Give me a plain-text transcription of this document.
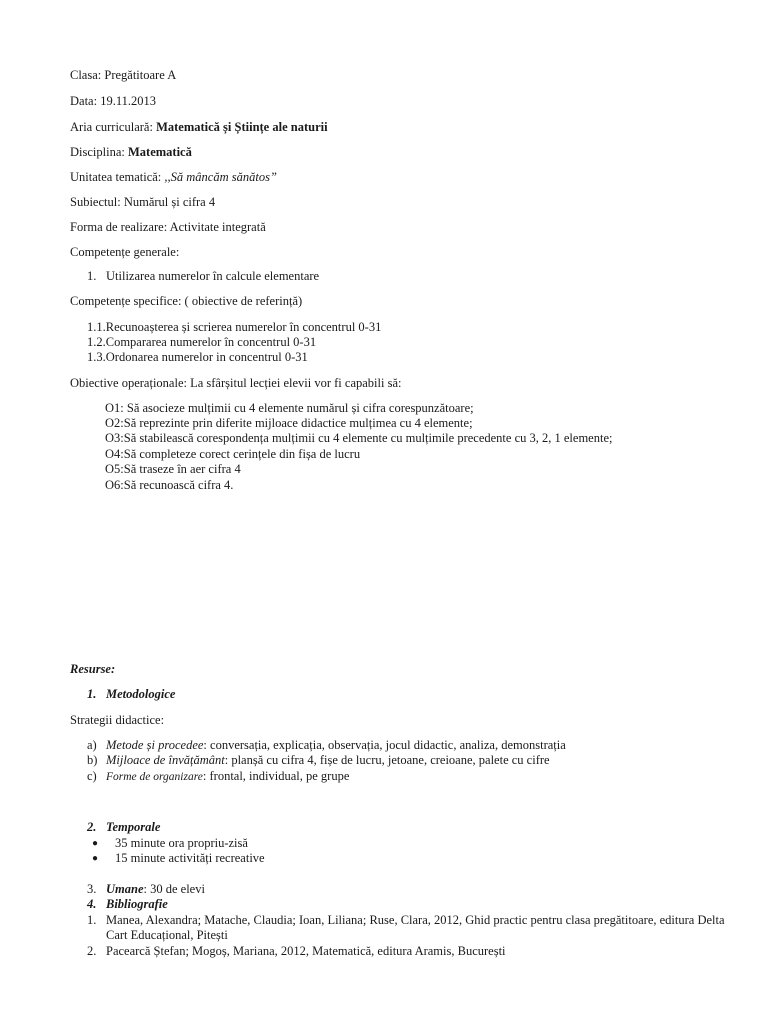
Clasa: Pregătitoare A
Data: 19.11.2013
Aria curriculară: Matematică și Științe ale naturii
Disciplina: Matematică
Unitatea tematică: ,,Să mâncăm sănătos”
Subiectul: Numărul și cifra 4
Forma de realizare: Activitate integrată
Competențe generale:
1. Utilizarea numerelor în calcule elementare
Competențe specifice: ( obiective de referință)
1.1.Recunoașterea și scrierea numerelor în concentrul 0-31
1.2.Compararea numerelor în concentrul 0-31
1.3.Ordonarea numerelor in concentrul 0-31
Obiective operaționale: La sfârșitul lecției elevii vor fi capabili să:
O1: Să asocieze mulțimii cu 4 elemente numărul și cifra corespunzătoare;
O2:Să reprezinte prin diferite mijloace didactice mulțimea cu 4 elemente;
O3:Să stabilească corespondența mulțimii cu 4 elemente cu mulțimile precedente cu 3, 2, 1 elemente;
O4:Să completeze corect cerințele din fișa de lucru
O5:Să traseze în aer cifra 4
O6:Să recunoască cifra 4.
Resurse:
1. Metodologice
Strategii didactice:
a) Metode și procedee: conversația, explicația, observația, jocul didactic, analiza, demonstrația
b) Mijloace de învățământ: planșă cu cifra 4, fișe de lucru, jetoane, creioane, palete cu cifre
c) Forme de organizare: frontal, individual, pe grupe
2. Temporale
● 35 minute ora propriu-zisă
● 15 minute activități recreative
3. Umane: 30 de elevi
4. Bibliografie
1. Manea, Alexandra; Matache, Claudia; Ioan, Liliana; Ruse, Clara, 2012, Ghid practic pentru clasa pregătitoare, editura Delta
Cart Educațional, Pitești
2. Pacearcă Ștefan; Mogoș, Mariana, 2012, Matematică, editura Aramis, București
